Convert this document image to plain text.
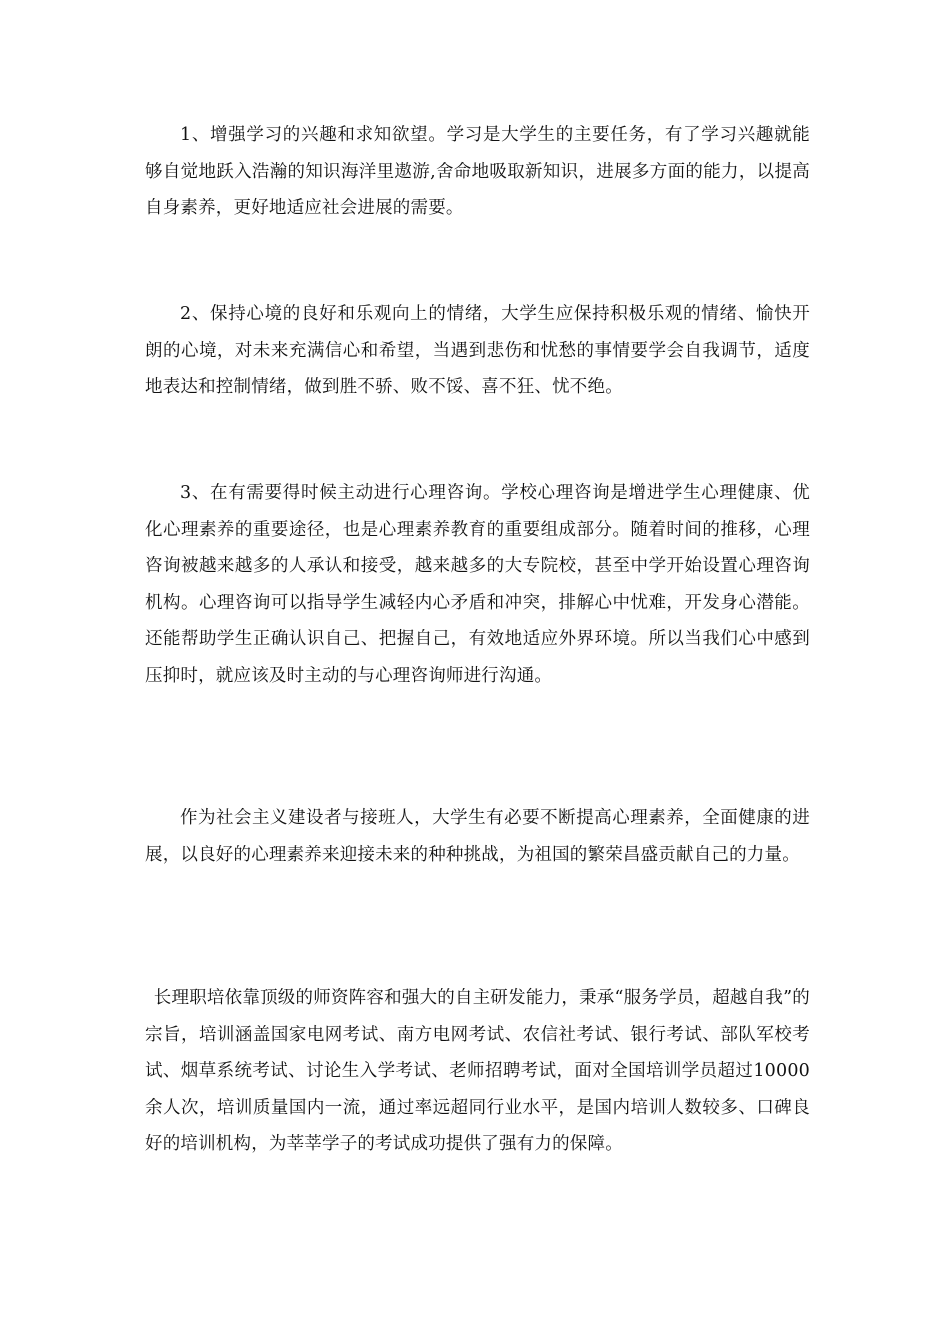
1、增强学习的兴趣和求知欲望。学习是大学生的主要任务，有了学习兴趣就能够自觉地跃入浩瀚的知识海洋里遨游,舍命地吸取新知识，进展多方面的能力，以提高自身素养，更好地适应社会进展的需要。

2、保持心境的良好和乐观向上的情绪，大学生应保持积极乐观的情绪、愉快开朗的心境，对未来充满信心和希望，当遇到悲伤和忧愁的事情要学会自我调节，适度地表达和控制情绪，做到胜不骄、败不馁、喜不狂、忧不绝。

3、在有需要得时候主动进行心理咨询。学校心理咨询是增进学生心理健康、优化心理素养的重要途径，也是心理素养教育的重要组成部分。随着时间的推移，心理咨询被越来越多的人承认和接受，越来越多的大专院校，甚至中学开始设置心理咨询机构。心理咨询可以指导学生减轻内心矛盾和冲突，排解心中忧难，开发身心潜能。还能帮助学生正确认识自己、把握自己，有效地适应外界环境。所以当我们心中感到压抑时，就应该及时主动的与心理咨询师进行沟通。

作为社会主义建设者与接班人，大学生有必要不断提高心理素养，全面健康的进展，以良好的心理素养来迎接未来的种种挑战，为祖国的繁荣昌盛贡献自己的力量。

长理职培依靠顶级的师资阵容和强大的自主研发能力，秉承“服务学员，超越自我”的宗旨，培训涵盖国家电网考试、南方电网考试、农信社考试、银行考试、部队军校考试、烟草系统考试、讨论生入学考试、老师招聘考试，面对全国培训学员超过10000余人次，培训质量国内一流，通过率远超同行业水平，是国内培训人数较多、口碑良好的培训机构，为莘莘学子的考试成功提供了强有力的保障。
